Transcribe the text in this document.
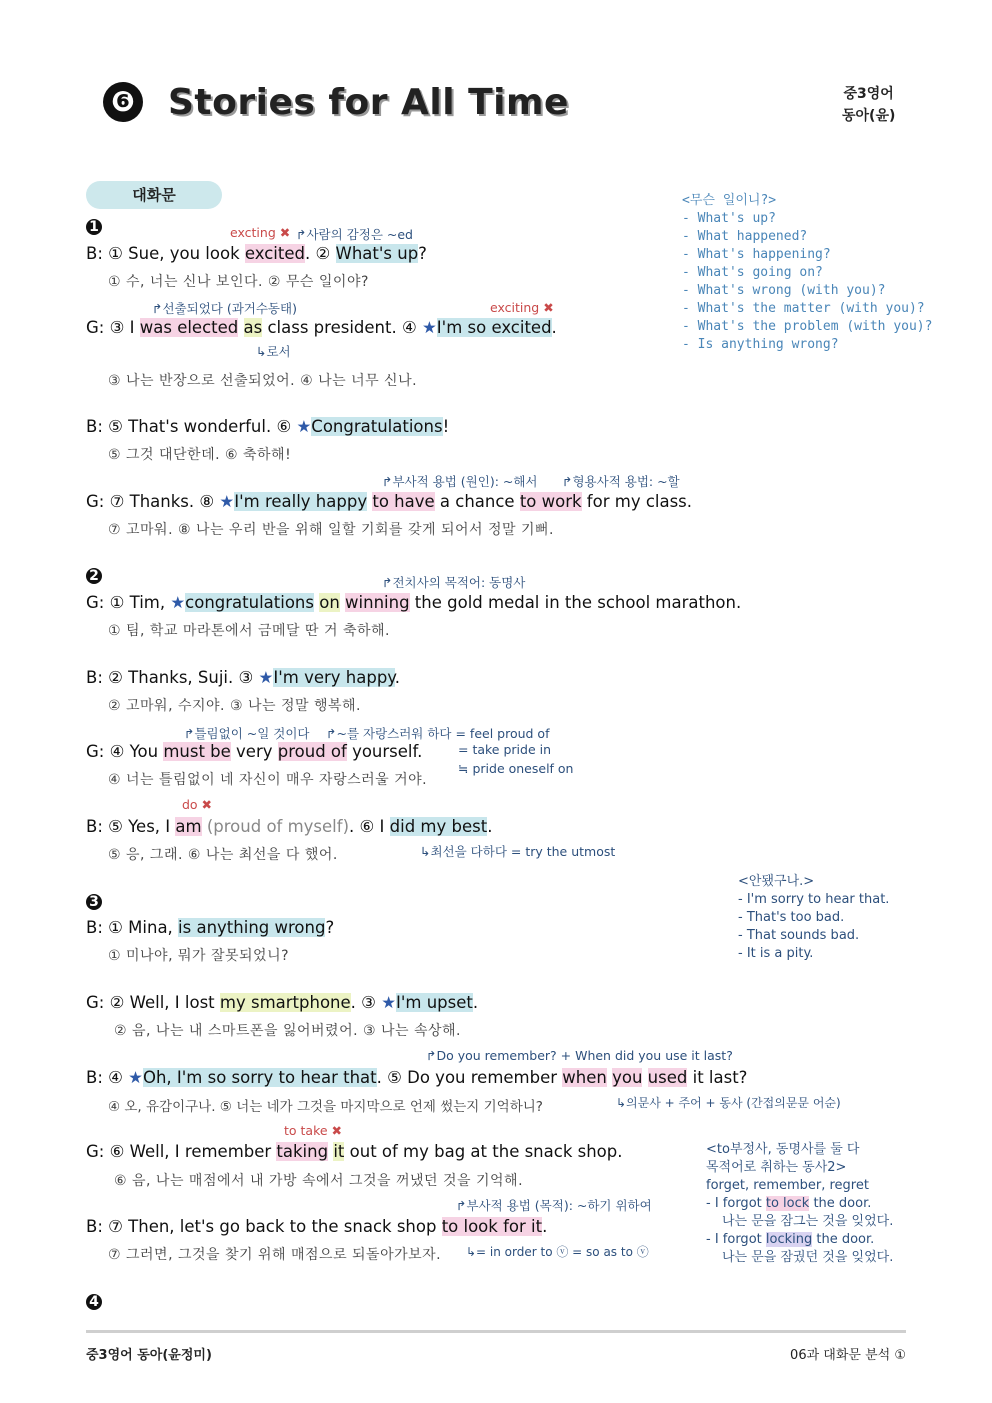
❻ Stories for All Time	중3영어
동아(윤)
대화문
1	excting ✖ ↱사람의 감정은 ~ed
B: ① Sue, you look excited. ② What's up?
① 수, 너는 신나 보인다. ② 무슨 일이야?
↱선출되었다 (과거수동태)	exciting ✖
G: ③ I was elected as class president. ④ ★I'm so excited.
↳로서
③ 나는 반장으로 선출되었어. ④ 나는 너무 신나.
B: ⑤ That's wonderful. ⑥ ★Congratulations!
⑤ 그것 대단한데. ⑥ 축하해!
↱부사적 용법 (원인): ~해서 ↱형용사적 용법: ~할
G: ⑦ Thanks. ⑧ ★I'm really happy to have a chance to work for my class.
⑦ 고마워. ⑧ 나는 우리 반을 위해 일할 기회를 갖게 되어서 정말 기뻐.
2	↱전치사의 목적어: 동명사
G: ① Tim, ★congratulations on winning the gold medal in the school marathon.
① 팀, 학교 마라톤에서 금메달 딴 거 축하해.
B: ② Thanks, Suji. ③ ★I'm very happy.
② 고마워, 수지야. ③ 나는 정말 행복해.
↱틀림없이 ~일 것이다 ↱~를 자랑스러워 하다 = feel proud of
= take pride in
≒ pride oneself on
G: ④ You must be very proud of yourself.
④ 너는 틀림없이 네 자신이 매우 자랑스러울 거야.
do ✖
B: ⑤ Yes, I am (proud of myself). ⑥ I did my best.
⑤ 응, 그래. ⑥ 나는 최선을 다 했어.	↳최선을 다하다 = try the utmost
3
B: ① Mina, is anything wrong?
① 미나야, 뭐가 잘못되었니?
G: ② Well, I lost my smartphone. ③ ★I'm upset.
② 음, 나는 내 스마트폰을 잃어버렸어. ③ 나는 속상해.
↱Do you remember? + When did you use it last?
B: ④ ★Oh, I'm so sorry to hear that. ⑤ Do you remember when you used it last?
④ 오, 유감이구나. ⑤ 너는 네가 그것을 마지막으로 언제 썼는지 기억하니?	↳의문사 + 주어 + 동사 (간접의문문 어순)
to take ✖
G: ⑥ Well, I remember taking it out of my bag at the snack shop.
⑥ 음, 나는 매점에서 내 가방 속에서 그것을 꺼냈던 것을 기억해.
↱부사적 용법 (목적): ~하기 위하여
B: ⑦ Then, let's go back to the snack shop to look for it.
⑦ 그러면, 그것을 찾기 위해 매점으로 되돌아가보자. ↳= in order to ⓥ = so as to ⓥ
4
<무슨 일이니?>
- What's up?
- What happened?
- What's happening?
- What's going on?
- What's wrong (with you)?
- What's the matter (with you)?
- What's the problem (with you)?
- Is anything wrong?
<안됐구나.>
- I'm sorry to hear that.
- That's too bad.
- That sounds bad.
- It is a pity.
<to부정사, 동명사를 둘 다
목적어로 취하는 동사2>
forget, remember, regret
- I forgot to lock the door.
나는 문을 잠그는 것을 잊었다.
- I forgot locking the door.
나는 문을 잠궜던 것을 잊었다.
중3영어 동아(윤정미)	06과 대화문 분석 ①
